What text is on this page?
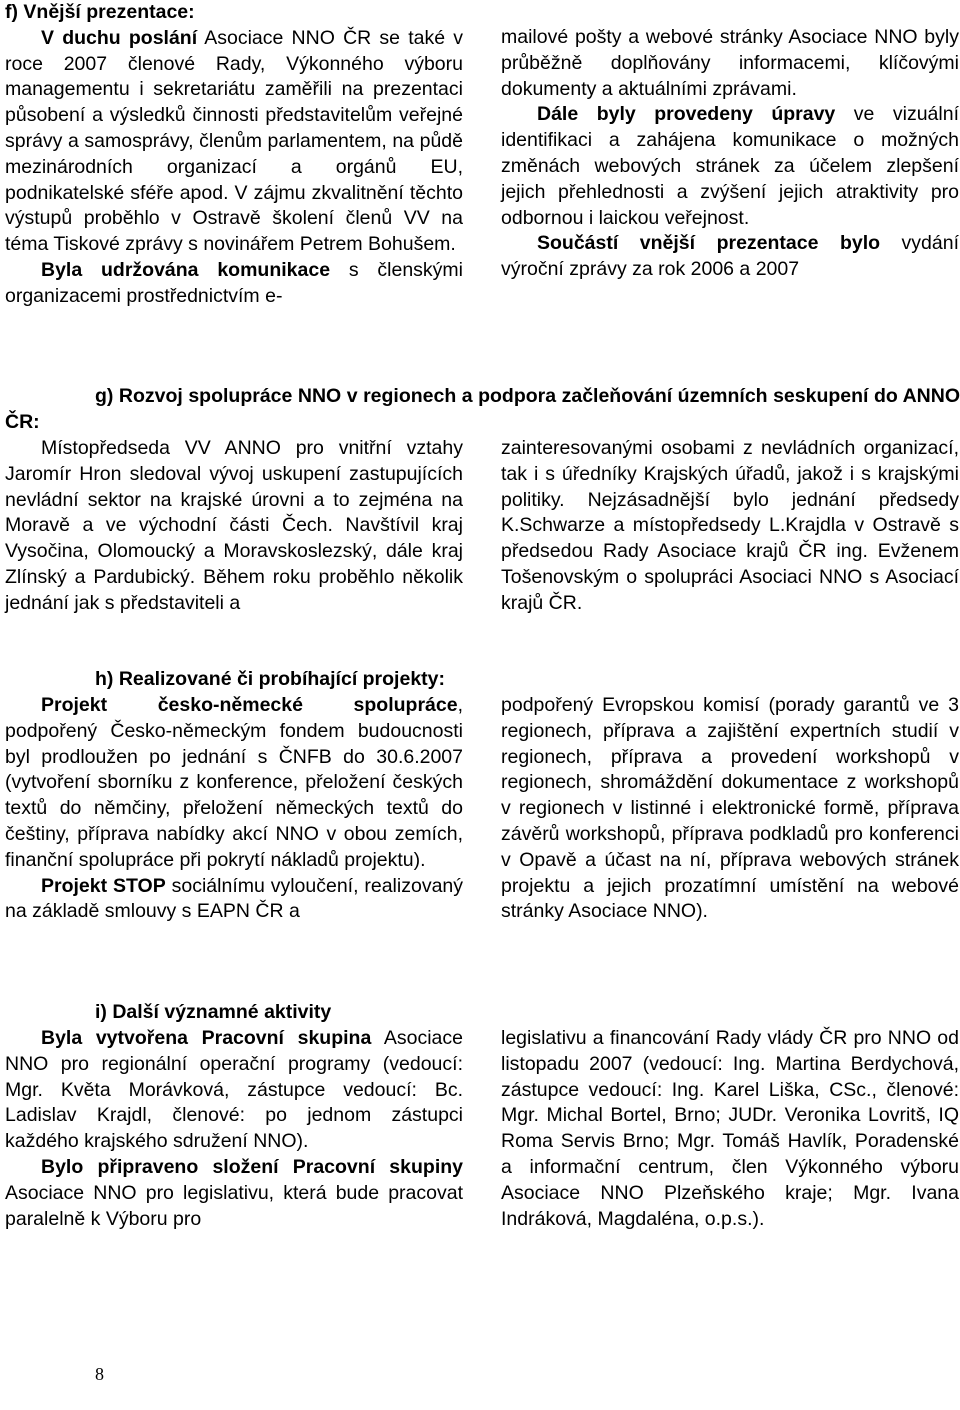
f) Vnější prezentace:

V duchu poslání Asociace NNO ČR se také v roce 2007 členové Rady, Výkonného výboru managementu i sekretariátu zaměřili na prezentaci působení a výsledků činnosti představitelům veřejné správy a samosprávy, členům parlamentem, na půdě mezinárodních organizací a orgánů EU, podnikatelské sféře apod. V zájmu zkvalitnění těchto výstupů proběhlo v Ostravě školení členů VV na téma Tiskové zprávy s novinářem Petrem Bohušem.

Byla udržována komunikace s členskými organizacemi prostřednictvím e-

mailové pošty a webové stránky Asociace NNO byly průběžně doplňovány informacemi, klíčovými dokumenty a aktuálními zprávami.

Dále byly provedeny úpravy ve vizuální identifikaci a zahájena komunikace o možných změnách webových stránek za účelem zlepšení jejich přehlednosti a zvýšení jejich atraktivity pro odbornou i laickou veřejnost.

Součástí vnější prezentace bylo vydání výroční zprávy za rok 2006 a 2007

g) Rozvoj spolupráce NNO v regionech a podpora začleňování územních seskupení do ANNO ČR:

Místopředseda VV ANNO pro vnitřní vztahy Jaromír Hron sledoval vývoj uskupení zastupujících nevládní sektor na krajské úrovni a to zejména na Moravě a ve východní části Čech. Navštívil kraj Vysočina, Olomoucký a Moravskoslezský, dále kraj Zlínský a Pardubický. Během roku proběhlo několik jednání jak s představiteli a

zainteresovanými osobami z nevládních organizací, tak i s úředníky Krajských úřadů, jakož i s krajskými politiky. Nejzásadnější bylo jednání předsedy K.Schwarze a místopředsedy L.Krajdla v Ostravě s předsedou Rady Asociace krajů ČR ing. Evženem Tošenovským o spolupráci Asociaci NNO s Asociací krajů ČR.

h) Realizované či probíhající projekty:

Projekt česko-německé spolupráce, podpořený Česko-německým fondem budoucnosti byl prodloužen po jednání s ČNFB do 30.6.2007 (vytvoření sborníku z konference, přeložení českých textů do němčiny, přeložení německých textů do češtiny, příprava nabídky akcí NNO v obou zemích, finanční spolupráce při pokrytí nákladů projektu).

Projekt STOP sociálnímu vyloučení, realizovaný na základě smlouvy s EAPN ČR a

podpořený Evropskou komisí (porady garantů ve 3 regionech, příprava a zajištění expertních studií v regionech, příprava a provedení workshopů v regionech, shromáždění dokumentace z workshopů v regionech v listinné i elektronické formě, příprava závěrů workshopů, příprava podkladů pro konferenci v Opavě a účast na ní, příprava webových stránek projektu a jejich prozatímní umístění na webové stránky Asociace NNO).

i) Další významné aktivity

Byla vytvořena Pracovní skupina Asociace NNO pro regionální operační programy (vedoucí: Mgr. Květa Morávková, zástupce vedoucí: Bc. Ladislav Krajdl, členové: po jednom zástupci každého krajského sdružení NNO).

Bylo připraveno složení Pracovní skupiny Asociace NNO pro legislativu, která bude pracovat paralelně k Výboru pro

legislativu a financování Rady vlády ČR pro NNO od listopadu 2007 (vedoucí: Ing. Martina Berdychová, zástupce vedoucí: Ing. Karel Liška, CSc., členové: Mgr. Michal Bortel, Brno; JUDr. Veronika Lovritš, IQ Roma Servis Brno; Mgr. Tomáš Havlík, Poradenské a informační centrum, člen Výkonného výboru Asociace NNO Plzeňského kraje; Mgr. Ivana Indráková, Magdaléna, o.p.s.).

8
